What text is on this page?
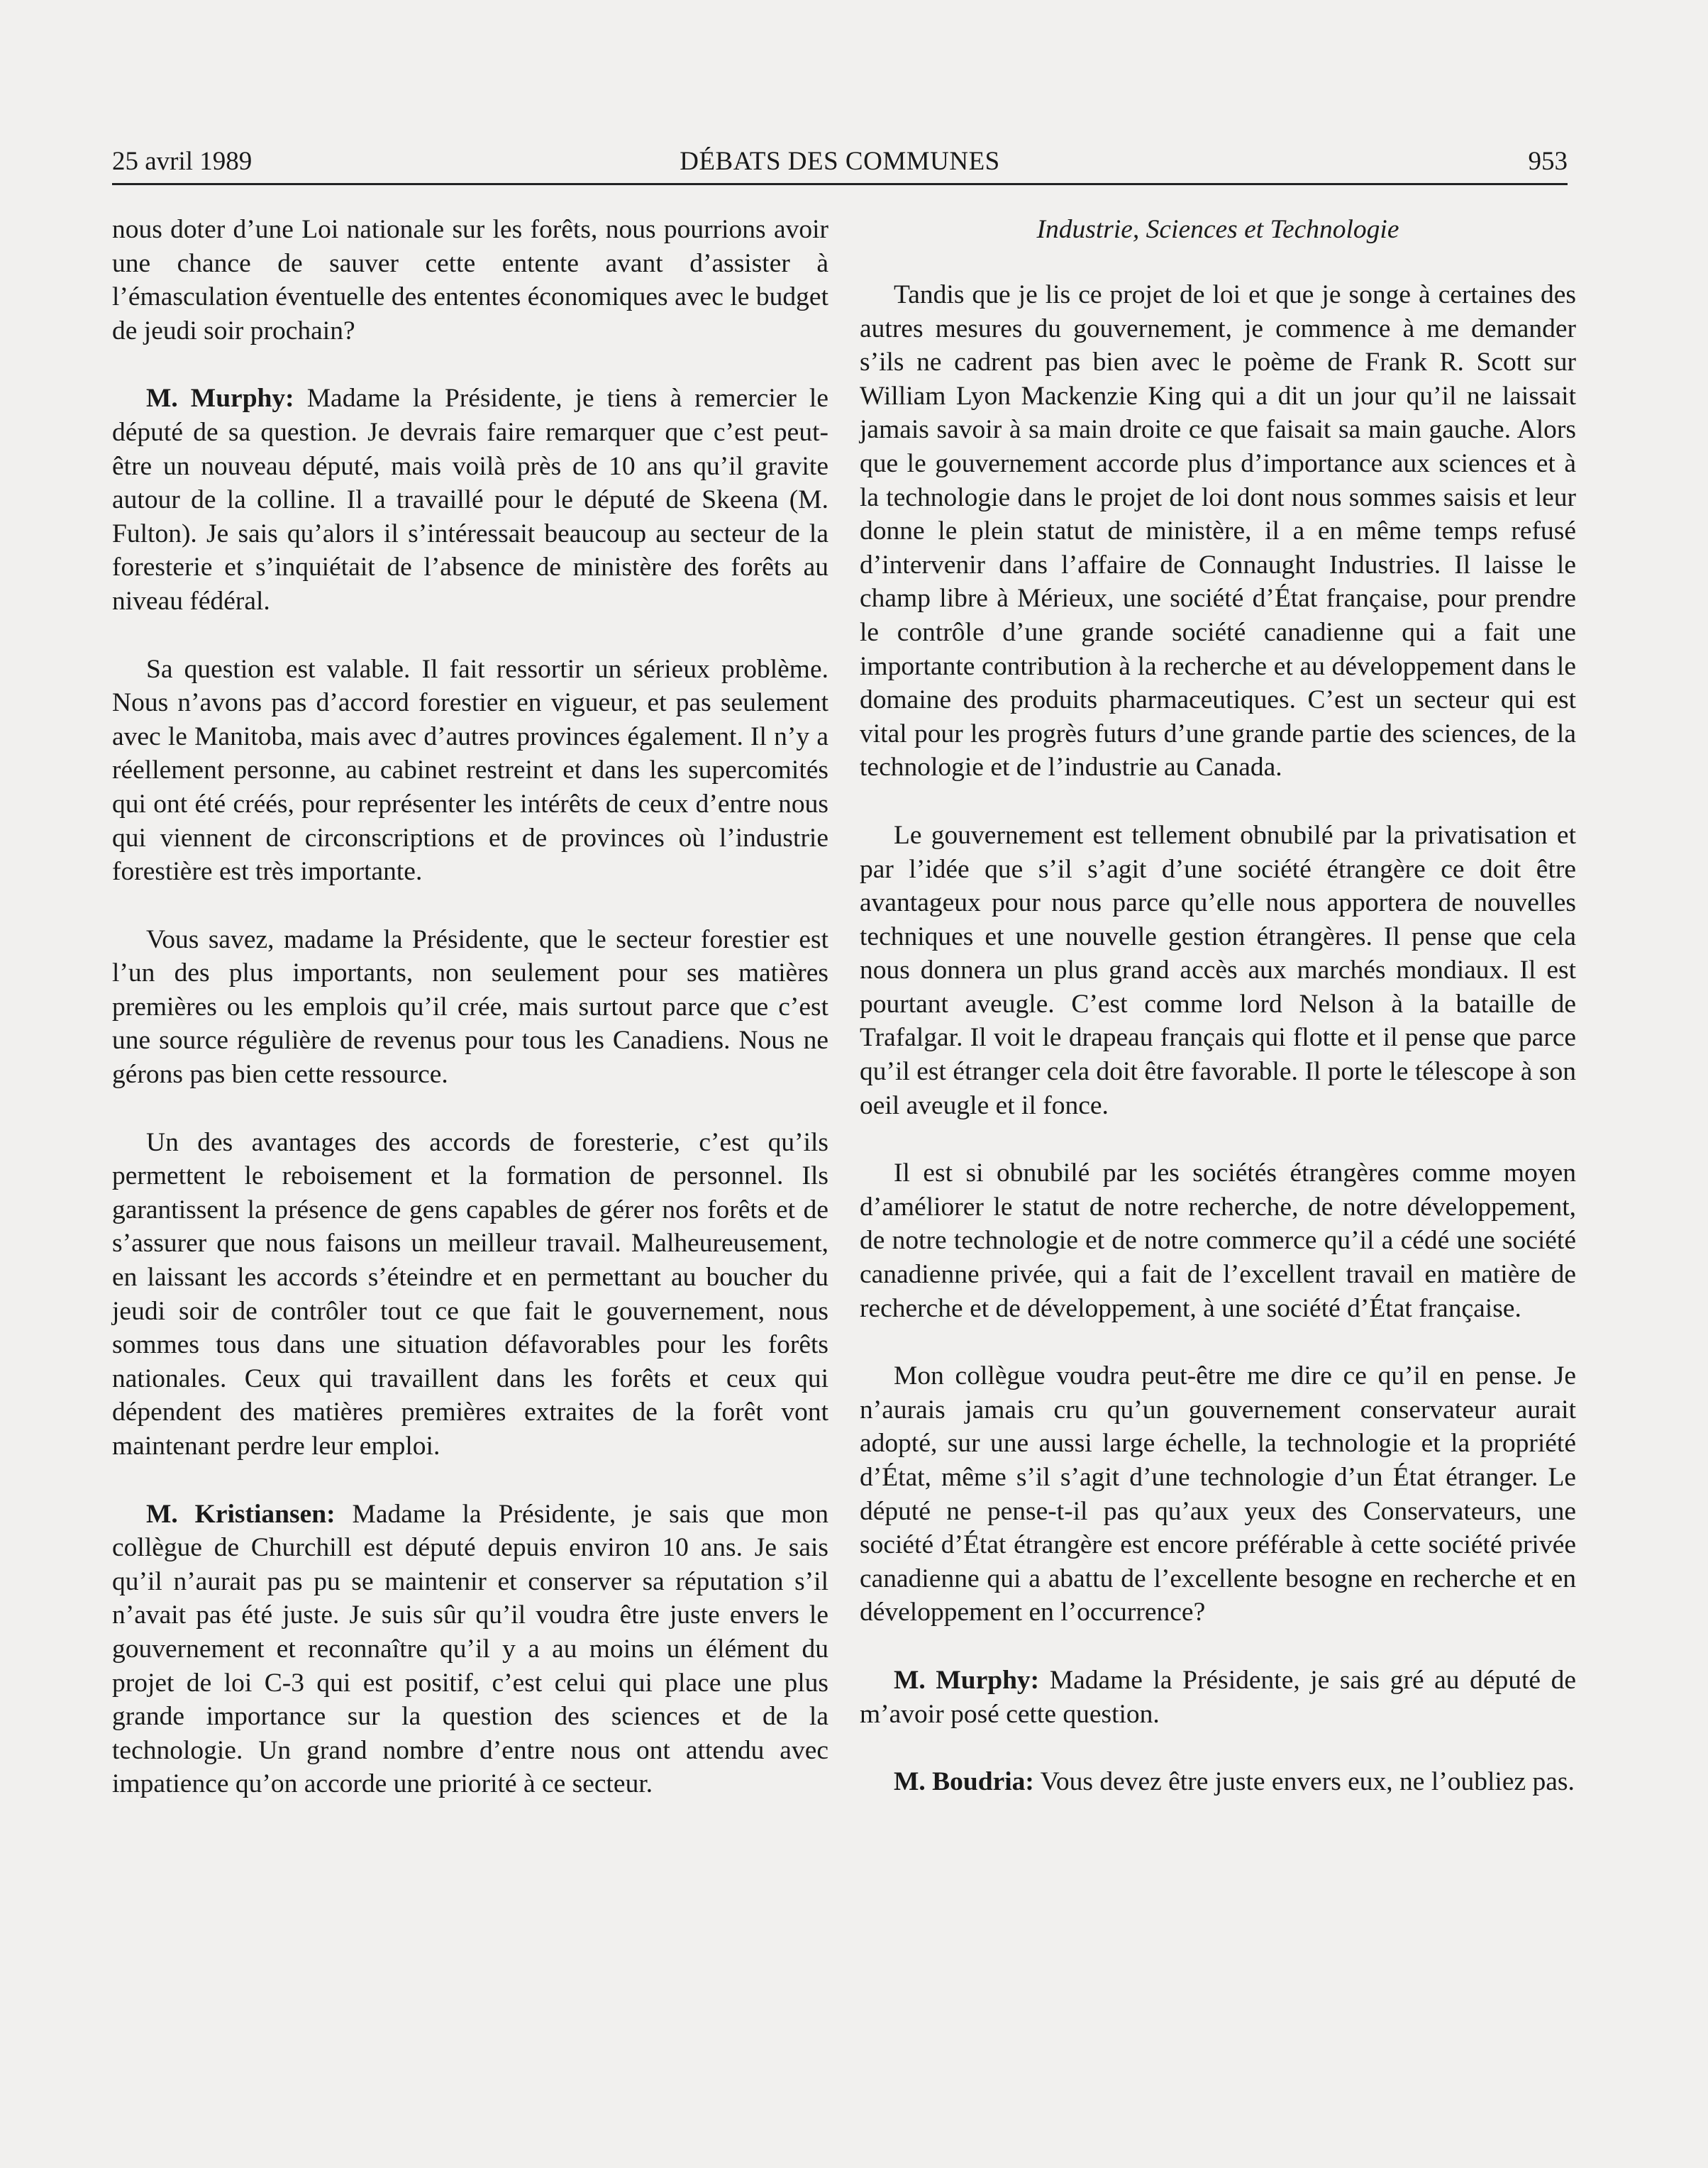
25 avril 1989	DÉBATS DES COMMUNES	953

nous doter d’une Loi nationale sur les forêts, nous pourrions avoir une chance de sauver cette entente avant d’assister à l’émasculation éventuelle des ententes économiques avec le budget de jeudi soir prochain?

M. Murphy: Madame la Présidente, je tiens à remercier le député de sa question. Je devrais faire remarquer que c’est peut-être un nouveau député, mais voilà près de 10 ans qu’il gravite autour de la colline. Il a travaillé pour le député de Skeena (M. Fulton). Je sais qu’alors il s’intéressait beaucoup au secteur de la foresterie et s’inquiétait de l’absence de ministère des forêts au niveau fédéral.

Sa question est valable. Il fait ressortir un sérieux problème. Nous n’avons pas d’accord forestier en vigueur, et pas seulement avec le Manitoba, mais avec d’autres provinces également. Il n’y a réellement personne, au cabinet restreint et dans les supercomités qui ont été créés, pour représenter les intérêts de ceux d’entre nous qui viennent de circonscriptions et de provinces où l’industrie forestière est très importante.

Vous savez, madame la Présidente, que le secteur forestier est l’un des plus importants, non seulement pour ses matières premières ou les emplois qu’il crée, mais surtout parce que c’est une source régulière de revenus pour tous les Canadiens. Nous ne gérons pas bien cette ressource.

Un des avantages des accords de foresterie, c’est qu’ils permettent le reboisement et la formation de personnel. Ils garantissent la présence de gens capables de gérer nos forêts et de s’assurer que nous faisons un meilleur travail. Malheureusement, en laissant les accords s’éteindre et en permettant au boucher du jeudi soir de contrôler tout ce que fait le gouvernement, nous sommes tous dans une situation défavorables pour les forêts nationales. Ceux qui travaillent dans les forêts et ceux qui dépendent des matières premières extraites de la forêt vont maintenant perdre leur emploi.

M. Kristiansen: Madame la Présidente, je sais que mon collègue de Churchill est député depuis environ 10 ans. Je sais qu’il n’aurait pas pu se maintenir et conserver sa réputation s’il n’avait pas été juste. Je suis sûr qu’il voudra être juste envers le gouvernement et reconnaître qu’il y a au moins un élément du projet de loi C-3 qui est positif, c’est celui qui place une plus grande importance sur la question des sciences et de la technologie. Un grand nombre d’entre nous ont attendu avec impatience qu’on accorde une priorité à ce secteur.

Industrie, Sciences et Technologie

Tandis que je lis ce projet de loi et que je songe à certaines des autres mesures du gouvernement, je commence à me demander s’ils ne cadrent pas bien avec le poème de Frank R. Scott sur William Lyon Mackenzie King qui a dit un jour qu’il ne laissait jamais savoir à sa main droite ce que faisait sa main gauche. Alors que le gouvernement accorde plus d’importance aux sciences et à la technologie dans le projet de loi dont nous sommes saisis et leur donne le plein statut de ministère, il a en même temps refusé d’intervenir dans l’affaire de Connaught Industries. Il laisse le champ libre à Mérieux, une société d’État française, pour prendre le contrôle d’une grande société canadienne qui a fait une importante contribution à la recherche et au développement dans le domaine des produits pharmaceutiques. C’est un secteur qui est vital pour les progrès futurs d’une grande partie des sciences, de la technologie et de l’industrie au Canada.

Le gouvernement est tellement obnubilé par la privatisation et par l’idée que s’il s’agit d’une société étrangère ce doit être avantageux pour nous parce qu’elle nous apportera de nouvelles techniques et une nouvelle gestion étrangères. Il pense que cela nous donnera un plus grand accès aux marchés mondiaux. Il est pourtant aveugle. C’est comme lord Nelson à la bataille de Trafalgar. Il voit le drapeau français qui flotte et il pense que parce qu’il est étranger cela doit être favorable. Il porte le télescope à son oeil aveugle et il fonce.

Il est si obnubilé par les sociétés étrangères comme moyen d’améliorer le statut de notre recherche, de notre développement, de notre technologie et de notre commerce qu’il a cédé une société canadienne privée, qui a fait de l’excellent travail en matière de recherche et de développement, à une société d’État française.

Mon collègue voudra peut-être me dire ce qu’il en pense. Je n’aurais jamais cru qu’un gouvernement conservateur aurait adopté, sur une aussi large échelle, la technologie et la propriété d’État, même s’il s’agit d’une technologie d’un État étranger. Le député ne pense-t-il pas qu’aux yeux des Conservateurs, une société d’État étrangère est encore préférable à cette société privée canadienne qui a abattu de l’excellente besogne en recherche et en développement en l’occurrence?

M. Murphy: Madame la Présidente, je sais gré au député de m’avoir posé cette question.

M. Boudria: Vous devez être juste envers eux, ne l’oubliez pas.
